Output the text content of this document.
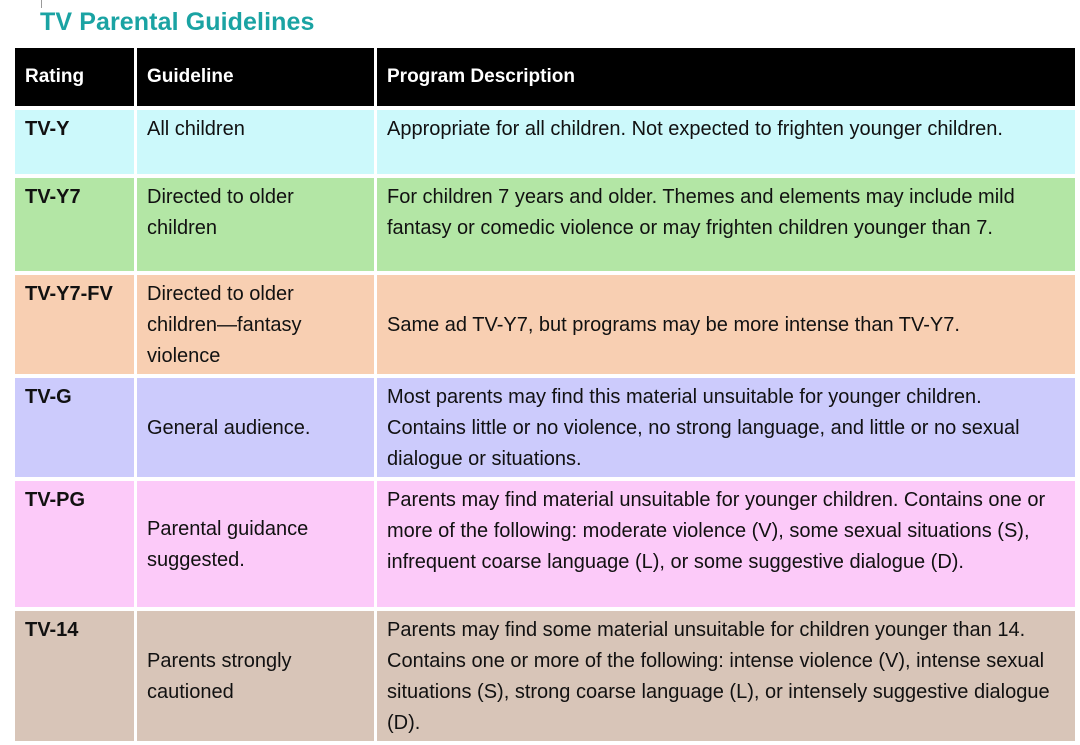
TV Parental Guidelines
Rating	Guideline	Program Description
TV-Y	All children	Appropriate for all children. Not expected to frighten younger children.
TV-Y7	Directed to older children	For children 7 years and older. Themes and elements may include mild fantasy or comedic violence or may frighten children younger than 7.
TV-Y7-FV	Directed to older children—fantasy violence	Same ad TV-Y7, but programs may be more intense than TV-Y7.
TV-G	General audience.	Most parents may find this material unsuitable for younger children. Contains little or no violence, no strong language, and little or no sexual dialogue or situations.
TV-PG	Parental guidance suggested.	Parents may find material unsuitable for younger children. Contains one or more of the following: moderate violence (V), some sexual situations (S), infrequent coarse language (L), or some suggestive dialogue (D).
TV-14	Parents strongly cautioned	Parents may find some material unsuitable for children younger than 14. Contains one or more of the following: intense violence (V), intense sexual situations (S), strong coarse language (L), or intensely suggestive dialogue (D).
